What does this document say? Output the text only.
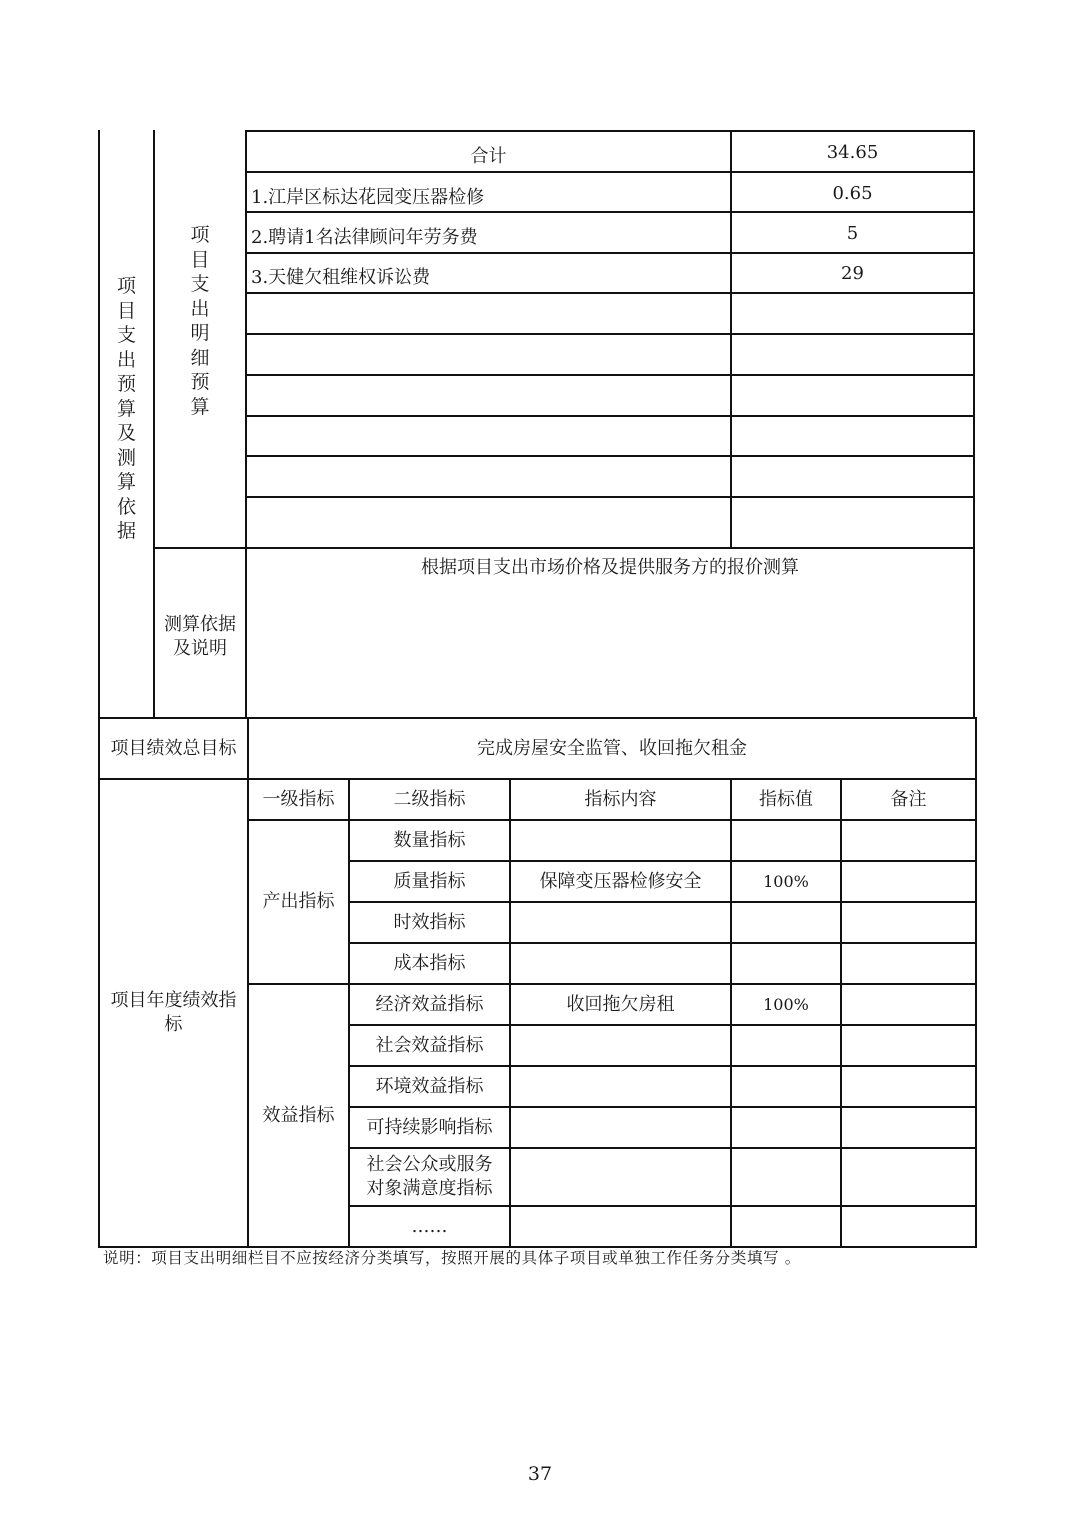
项
目
支
出
预
算
及
测
算
依
据
项
目
支
出
明
细
预
算
合计	34.65
1.江岸区标达花园变压器检修	0.65
2.聘请1名法律顾问年劳务费	5
3.天健欠租维权诉讼费	29
根据项目支出市场价格及提供服务方的报价测算
测算依据
及说明
项目绩效总目标	完成房屋安全监管、收回拖欠租金				

项目年度绩效指
标	一级指标	二级指标	指标内容	指标值	备注
	产出指标	数量指标			
		质量指标	保障变压器检修安全	100%	
		时效指标			
		成本指标			
	效益指标	经济效益指标	收回拖欠房租	100%	
		社会效益指标			
		环境效益指标			
		可持续影响指标			

		社会公众或服务
对象满意度指标			

		……			
说明：项目支出明细栏目不应按经济分类填写，按照开展的具体子项目或单独工作任务分类填写 。
37
